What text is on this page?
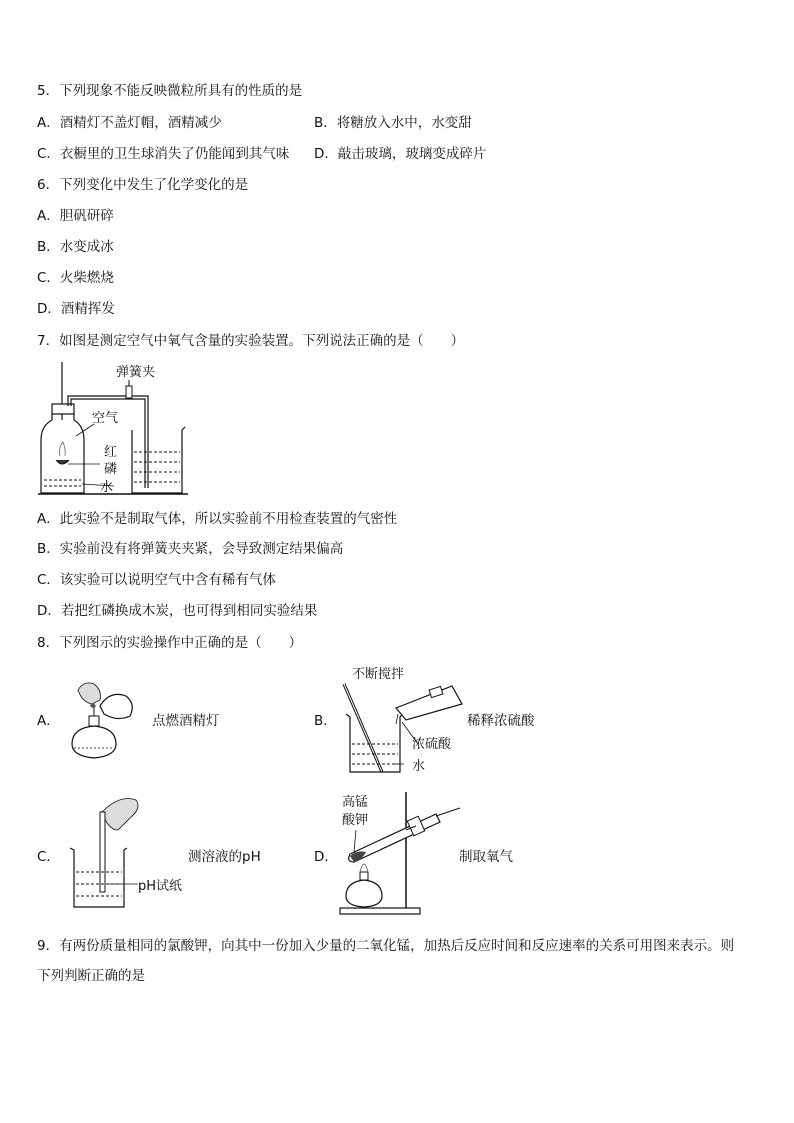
5．下列现象不能反映微粒所具有的性质的是
A．酒精灯不盖灯帽，酒精减少	B．将糖放入水中，水变甜
C．衣橱里的卫生球消失了仍能闻到其气味 D．敲击玻璃，玻璃变成碎片
6．下列变化中发生了化学变化的是
A．胆矾研碎
B．水变成冰
C．火柴燃烧
D．酒精挥发
7．如图是测定空气中氧气含量的实验装置。下列说法正确的是（　　）
弹簧夹
空气
红
磷
水
A．此实验不是制取气体，所以实验前不用检查装置的气密性
B．实验前没有将弹簧夹夹紧，会导致测定结果偏高
C．该实验可以说明空气中含有稀有气体
D．若把红磷换成木炭，也可得到相同实验结果
8．下列图示的实验操作中正确的是（　　）
A．	点燃酒精灯	B．
不断搅拌
浓硫酸
水
稀释浓硫酸
C．
pH试纸
测溶液的pH	D．
高锰
酸钾
制取氧气
9．有两份质量相同的氯酸钾，向其中一份加入少量的二氧化锰，加热后反应时间和反应速率的关系可用图来表示。则
下列判断正确的是
